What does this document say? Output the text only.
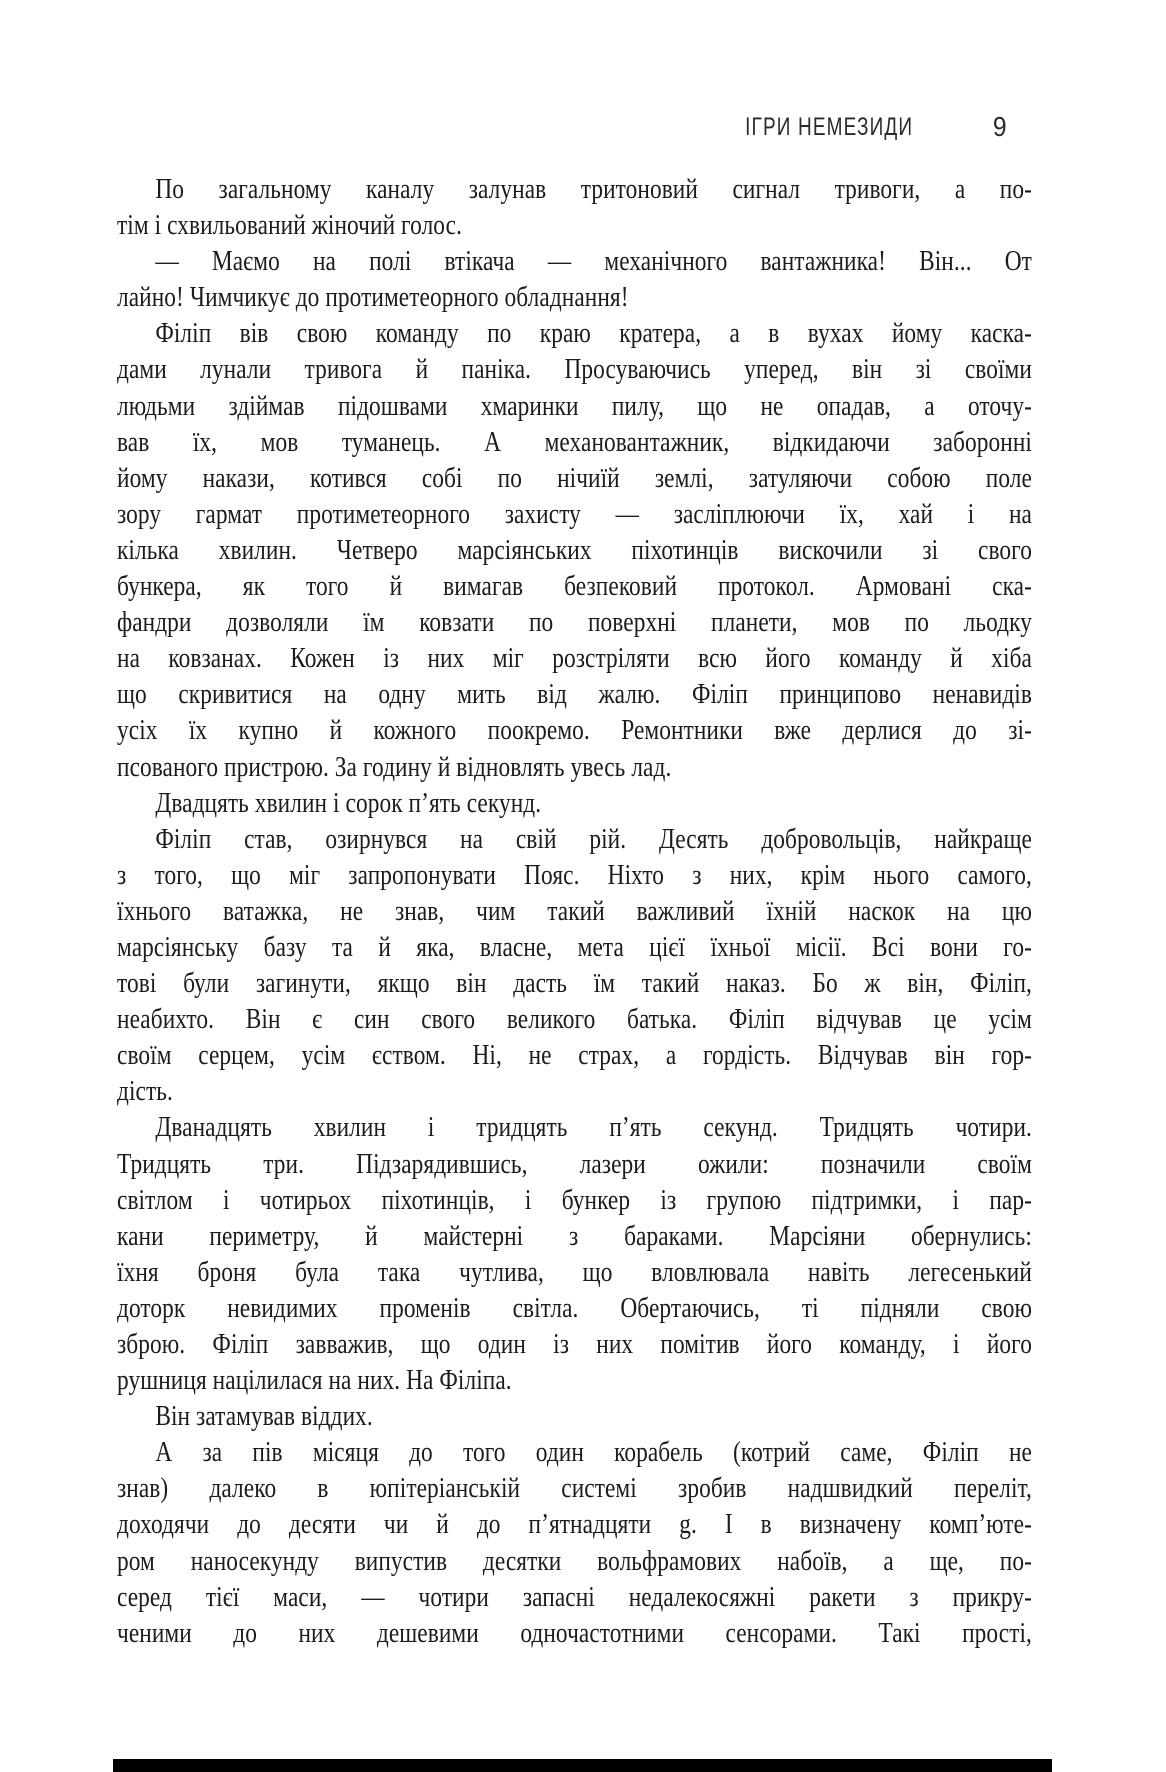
ІГРИ НЕМЕЗИДИ	9
По загальному каналу залунав тритоновий сигнал тривоги, а по-
тім і схвильований жіночий голос.
— Маємо на полі втікача — механічного вантажника! Він... От
лайно! Чимчикує до протиметеорного обладнання!
Філіп вів свою команду по краю кратера, а в вухах йому каска-
дами лунали тривога й паніка. Просуваючись уперед, він зі своїми
людьми здіймав підошвами хмаринки пилу, що не опадав, а оточу-
вав їх, мов туманець. А механовантажник, відкидаючи заборонні
йому накази, котився собі по нічиїй землі, затуляючи собою поле
зору гармат протиметеорного захисту — засліплюючи їх, хай і на
кілька хвилин. Четверо марсіянських піхотинців вискочили зі свого
бункера, як того й вимагав безпековий протокол. Армовані ска-
фандри дозволяли їм ковзати по поверхні планети, мов по льодку
на ковзанах. Кожен із них міг розстріляти всю його команду й хіба
що скривитися на одну мить від жалю. Філіп принципово ненавидів
усіх їх купно й кожного поокремо. Ремонтники вже дерлися до зі-
псованого пристрою. За годину й відновлять увесь лад.
Двадцять хвилин і сорок п’ять секунд.
Філіп став, озирнувся на свій рій. Десять добровольців, найкраще
з того, що міг запропонувати Пояс. Ніхто з них, крім нього самого,
їхнього ватажка, не знав, чим такий важливий їхній наскок на цю
марсіянську базу та й яка, власне, мета цієї їхньої місії. Всі вони го-
тові були загинути, якщо він дасть їм такий наказ. Бо ж він, Філіп,
неабихто. Він є син свого великого батька. Філіп відчував це усім
своїм серцем, усім єством. Ні, не страх, а гордість. Відчував він гор-
дість.
Дванадцять хвилин і тридцять п’ять секунд. Тридцять чотири.
Тридцять три. Підзарядившись, лазери ожили: позначили своїм
світлом і чотирьох піхотинців, і бункер із групою підтримки, і пар-
кани периметру, й майстерні з бараками. Марсіяни обернулись:
їхня броня була така чутлива, що вловлювала навіть легесенький
доторк невидимих променів світла. Обертаючись, ті підняли свою
зброю. Філіп завважив, що один із них помітив його команду, і його
рушниця націлилася на них. На Філіпа.
Він затамував віддих.
А за пів місяця до того один корабель (котрий саме, Філіп не
знав) далеко в юпітеріанській системі зробив надшвидкий переліт,
доходячи до десяти чи й до п’ятнадцяти g. І в визначену комп’юте-
ром наносекунду випустив десятки вольфрамових набоїв, а ще, по-
серед тієї маси, — чотири запасні недалекосяжні ракети з прикру-
ченими до них дешевими одночастотними сенсорами. Такі прості,
